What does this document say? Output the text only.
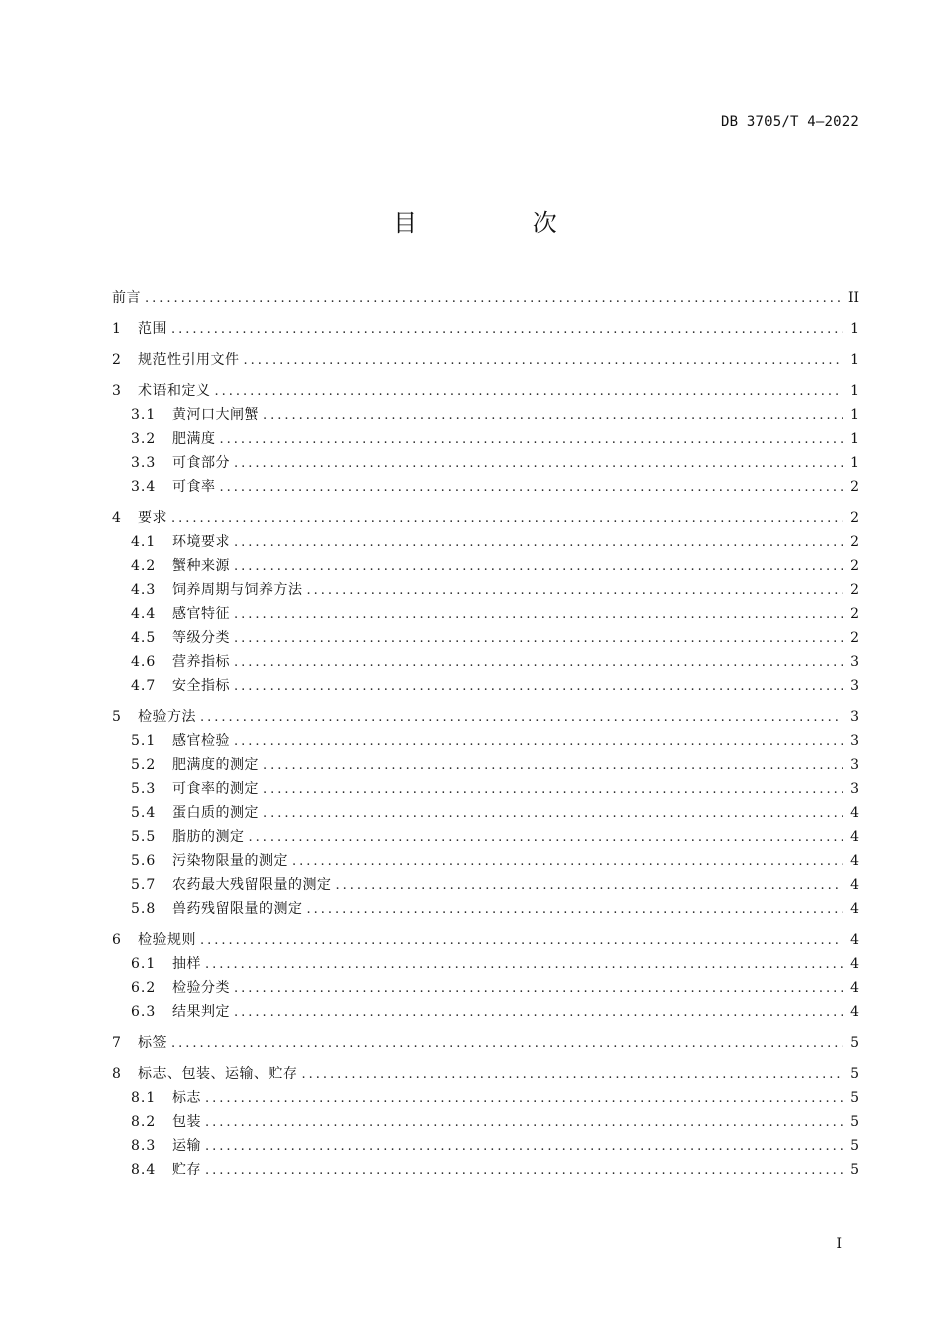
DB 3705/T 4—2022
目 次
前言 .....	II
1	范围 .....	1
2	规范性引用文件 .....	1
3	术语和定义 .....	1
3.1	黄河口大闸蟹 .....	1
3.2	肥满度 .....	1
3.3	可食部分 .....	1
3.4	可食率 .....	2
4	要求 .....	2
4.1	环境要求 .....	2
4.2	蟹种来源 .....	2
4.3	饲养周期与饲养方法 .....	2
4.4	感官特征 .....	2
4.5	等级分类 .....	2
4.6	营养指标 .....	3
4.7	安全指标 .....	3
5	检验方法 .....	3
5.1	感官检验 .....	3
5.2	肥满度的测定 .....	3
5.3	可食率的测定 .....	3
5.4	蛋白质的测定 .....	4
5.5	脂肪的测定 .....	4
5.6	污染物限量的测定 .....	4
5.7	农药最大残留限量的测定 .....	4
5.8	兽药残留限量的测定 .....	4
6	检验规则 .....	4
6.1	抽样 .....	4
6.2	检验分类 .....	4
6.3	结果判定 .....	4
7	标签 .....	5
8	标志、包装、运输、贮存 .....	5
8.1	标志 .....	5
8.2	包装 .....	5
8.3	运输 .....	5
8.4	贮存 .....	5
I
